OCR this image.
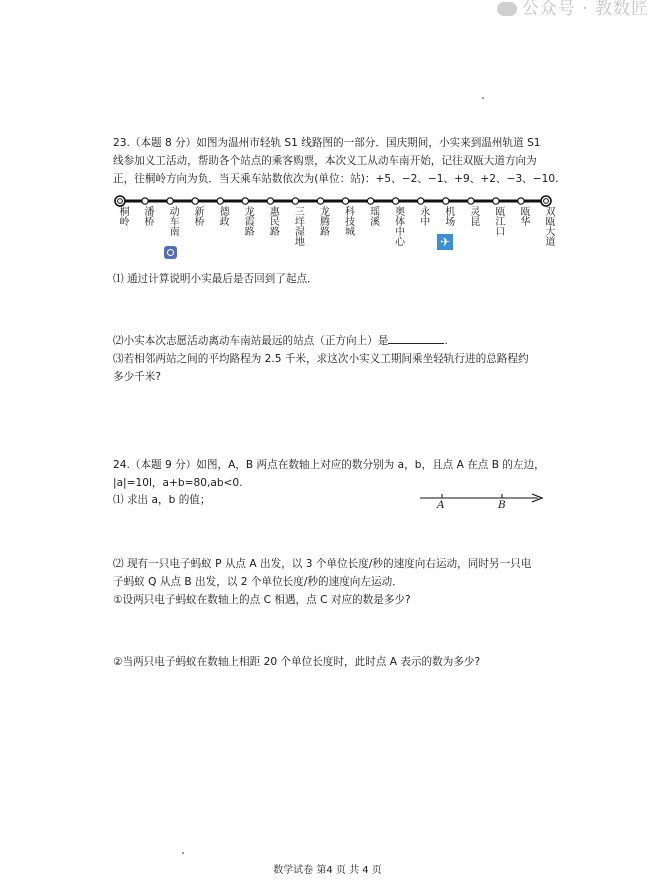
公众号 · 教数匠
23.（本题 8 分）如图为温州市轻轨 S1 线路图的一部分．国庆期间，小实来到温州轨道 S1
线参加义工活动，帮助各个站点的乘客购票，本次义工从动车南开始，记往双瓯大道方向为
正，往桐岭方向为负．当天乘车站数依次为(单位：站)：+5、−2、−1、+9、+2、−3、−10.
桐岭	潘桥	动车南	新桥	德政	龙霞路	惠民路	三垟湿地	龙腾路	科技城	瑶溪	奥体中心	永中	机场	灵昆	瓯江口	瓯华	双瓯大道
✈
⑴ 通过计算说明小实最后是否回到了起点．
⑵小实本次志愿活动离动车南站最远的站点（正方向上）是	.
⑶若相邻两站之间的平均路程为 2.5 千米，求这次小实义工期间乘坐轻轨行进的总路程约
多少千米?
24.（本题 9 分）如图，A，B 两点在数轴上对应的数分别为 a，b，且点 A 在点 B 的左边，
|a|=10l，a+b=80,ab<0.
⑴ 求出 a，b 的值；	A	B
⑵ 现有一只电子蚂蚁 P 从点 A 出发，以 3 个单位长度/秒的速度向右运动，同时另一只电
子蚂蚁 Q 从点 B 出发，以 2 个单位长度/秒的速度向左运动．
①设两只电子蚂蚁在数轴上的点 C 相遇，点 C 对应的数是多少?
②当两只电子蚂蚁在数轴上相距 20 个单位长度时，此时点 A 表示的数为多少?
数学试卷 第4 页 共 4 页
